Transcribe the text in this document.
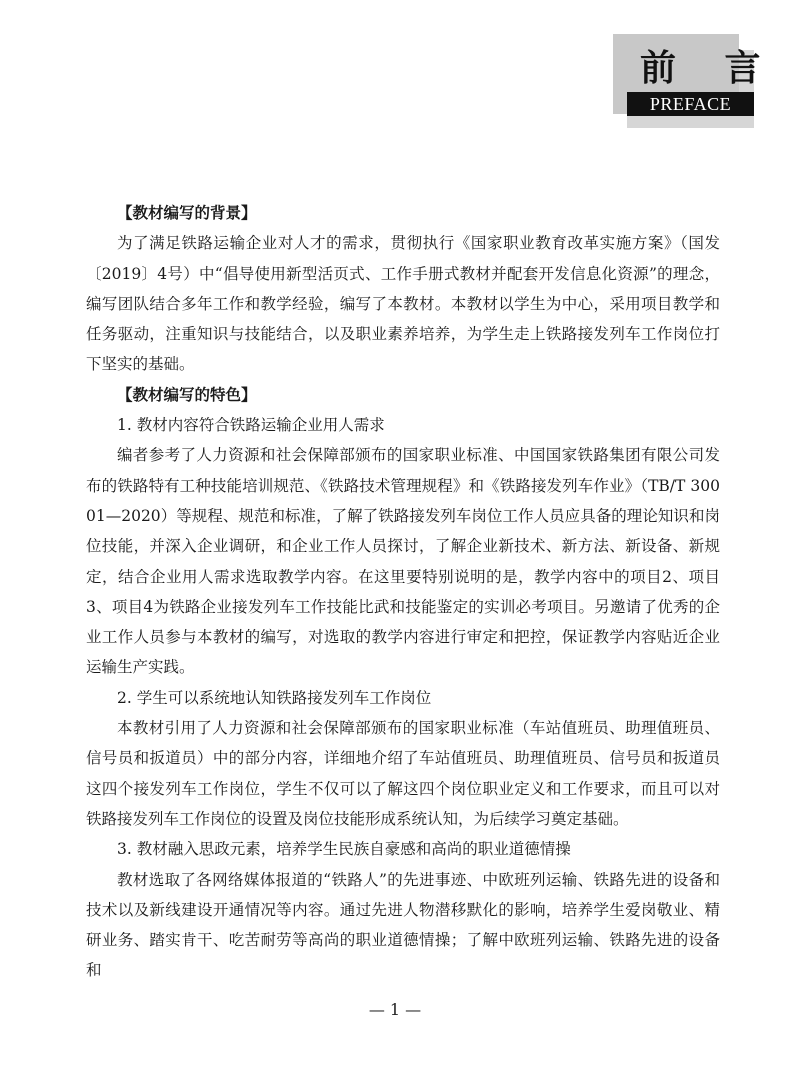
前 言
PREFACE

【教材编写的背景】

为了满足铁路运输企业对人才的需求，贯彻执行《国家职业教育改革实施方案》（国发〔2019〕4号）中“倡导使用新型活页式、工作手册式教材并配套开发信息化资源”的理念，编写团队结合多年工作和教学经验，编写了本教材。本教材以学生为中心，采用项目教学和任务驱动，注重知识与技能结合，以及职业素养培养，为学生走上铁路接发列车工作岗位打下坚实的基础。

【教材编写的特色】

1. 教材内容符合铁路运输企业用人需求

编者参考了人力资源和社会保障部颁布的国家职业标准、中国国家铁路集团有限公司发布的铁路特有工种技能培训规范、《铁路技术管理规程》和《铁路接发列车作业》（TB/T 30001—2020）等规程、规范和标准，了解了铁路接发列车岗位工作人员应具备的理论知识和岗位技能，并深入企业调研，和企业工作人员探讨，了解企业新技术、新方法、新设备、新规定，结合企业用人需求选取教学内容。在这里要特别说明的是，教学内容中的项目2、项目3、项目4为铁路企业接发列车工作技能比武和技能鉴定的实训必考项目。另邀请了优秀的企业工作人员参与本教材的编写，对选取的教学内容进行审定和把控，保证教学内容贴近企业运输生产实践。

2. 学生可以系统地认知铁路接发列车工作岗位

本教材引用了人力资源和社会保障部颁布的国家职业标准（车站值班员、助理值班员、信号员和扳道员）中的部分内容，详细地介绍了车站值班员、助理值班员、信号员和扳道员这四个接发列车工作岗位，学生不仅可以了解这四个岗位职业定义和工作要求，而且可以对铁路接发列车工作岗位的设置及岗位技能形成系统认知，为后续学习奠定基础。

3. 教材融入思政元素，培养学生民族自豪感和高尚的职业道德情操

教材选取了各网络媒体报道的“铁路人”的先进事迹、中欧班列运输、铁路先进的设备和技术以及新线建设开通情况等内容。通过先进人物潜移默化的影响，培养学生爱岗敬业、精研业务、踏实肯干、吃苦耐劳等高尚的职业道德情操；了解中欧班列运输、铁路先进的设备和

— 1 —
